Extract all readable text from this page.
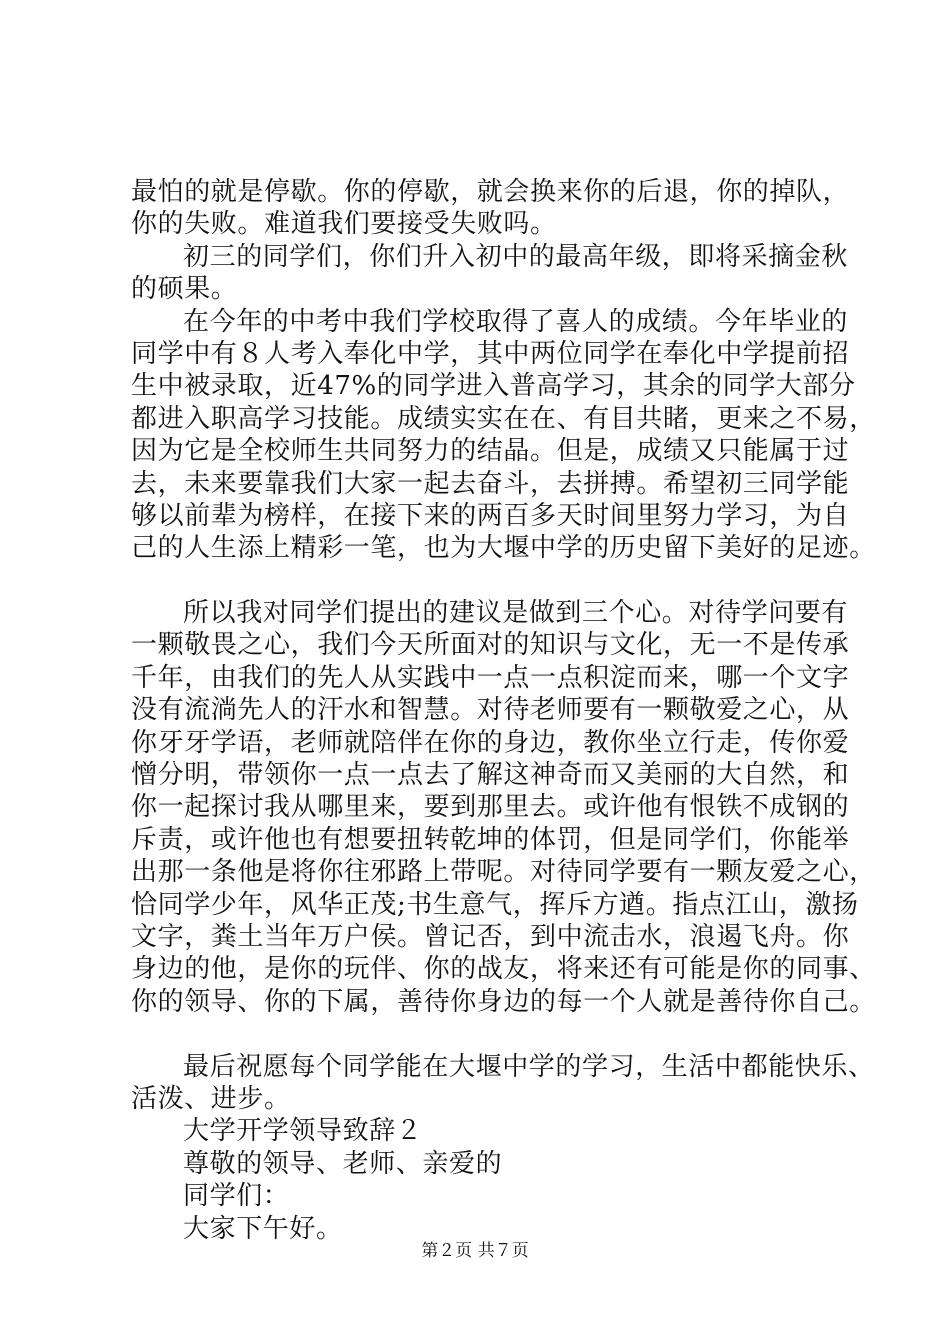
最怕的就是停歇。你的停歇，就会换来你的后退，你的掉队，
你的失败。难道我们要接受失败吗。
初三的同学们，你们升入初中的最高年级，即将采摘金秋
的硕果。
在今年的中考中我们学校取得了喜人的成绩。今年毕业的
同学中有８人考入奉化中学，其中两位同学在奉化中学提前招
生中被录取，近47%的同学进入普高学习，其余的同学大部分
都进入职高学习技能。成绩实实在在、有目共睹，更来之不易，
因为它是全校师生共同努力的结晶。但是，成绩又只能属于过
去，未来要靠我们大家一起去奋斗，去拼搏。希望初三同学能
够以前辈为榜样，在接下来的两百多天时间里努力学习，为自
己的人生添上精彩一笔，也为大堰中学的历史留下美好的足迹。
所以我对同学们提出的建议是做到三个心。对待学问要有
一颗敬畏之心，我们今天所面对的知识与文化，无一不是传承
千年，由我们的先人从实践中一点一点积淀而来，哪一个文字
没有流淌先人的汗水和智慧。对待老师要有一颗敬爱之心，从
你牙牙学语，老师就陪伴在你的身边，教你坐立行走，传你爱
憎分明，带领你一点一点去了解这神奇而又美丽的大自然，和
你一起探讨我从哪里来，要到那里去。或许他有恨铁不成钢的
斥责，或许他也有想要扭转乾坤的体罚，但是同学们，你能举
出那一条他是将你往邪路上带呢。对待同学要有一颗友爱之心，
恰同学少年，风华正茂;书生意气，挥斥方遒。指点江山，激扬
文字，粪土当年万户侯。曾记否，到中流击水，浪遏飞舟。你
身边的他，是你的玩伴、你的战友，将来还有可能是你的同事、
你的领导、你的下属，善待你身边的每一个人就是善待你自己。
最后祝愿每个同学能在大堰中学的学习，生活中都能快乐、
活泼、进步。
大学开学领导致辞２
尊敬的领导、老师、亲爱的
同学们：
大家下午好。
第２页 共７页
